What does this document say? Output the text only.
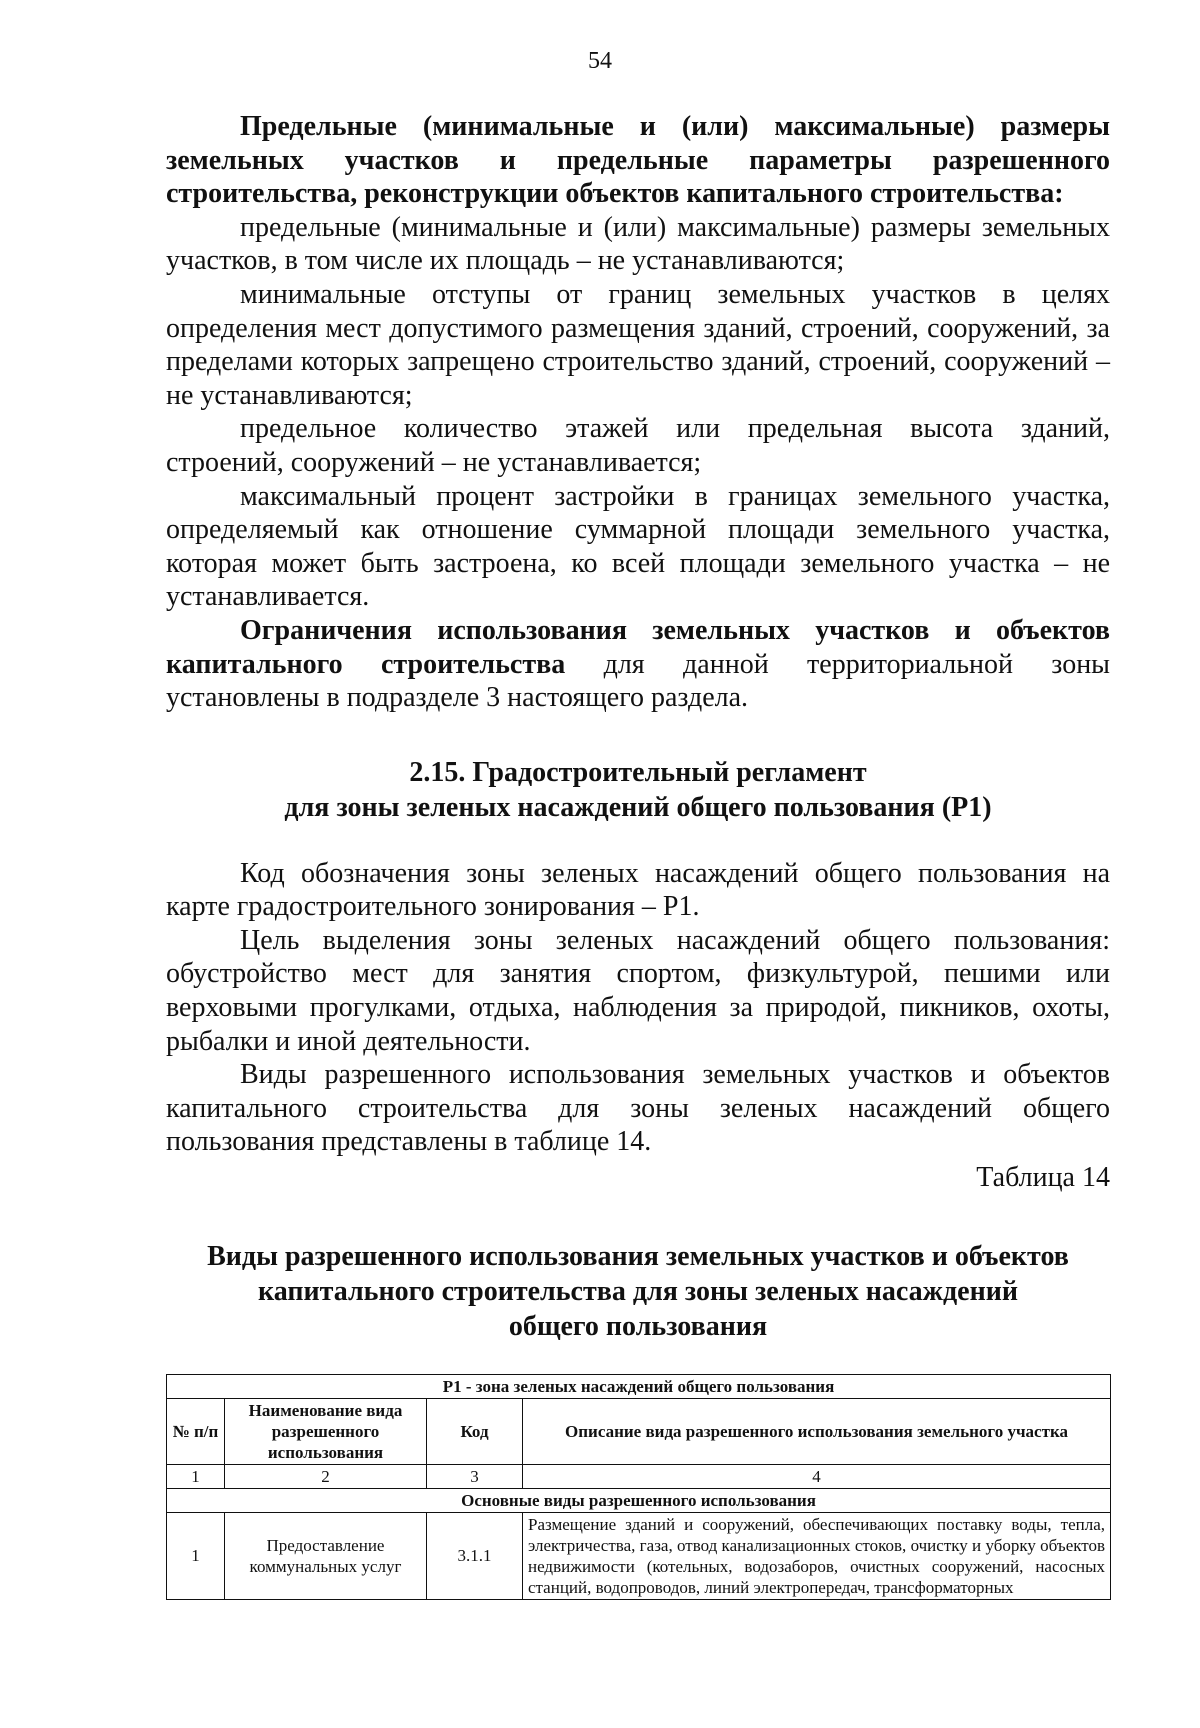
54

Предельные (минимальные и (или) максимальные) размеры земельных участков и предельные параметры разрешенного строительства, реконструкции объектов капитального строительства:

предельные (минимальные и (или) максимальные) размеры земельных участков, в том числе их площадь – не устанавливаются;

минимальные отступы от границ земельных участков в целях определения мест допустимого размещения зданий, строений, сооружений, за пределами которых запрещено строительство зданий, строений, сооружений – не устанавливаются;

предельное количество этажей или предельная высота зданий, строений, сооружений – не устанавливается;

максимальный процент застройки в границах земельного участка, определяемый как отношение суммарной площади земельного участка, которая может быть застроена, ко всей площади земельного участка – не устанавливается.

Ограничения использования земельных участков и объектов капитального строительства для данной территориальной зоны установлены в подразделе 3 настоящего раздела.

2.15. Градостроительный регламент
для зоны зеленых насаждений общего пользования (Р1)

Код обозначения зоны зеленых насаждений общего пользования на карте градостроительного зонирования – Р1.

Цель выделения зоны зеленых насаждений общего пользования: обустройство мест для занятия спортом, физкультурой, пешими или верховыми прогулками, отдыха, наблюдения за природой, пикников, охоты, рыбалки и иной деятельности.

Виды разрешенного использования земельных участков и объектов капитального строительства для зоны зеленых насаждений общего пользования представлены в таблице 14.

Таблица 14
Виды разрешенного использования земельных участков и объектов
капитального строительства для зоны зеленых насаждений
общего пользования
Р1 - зона зеленых насаждений общего пользования			
№ п/п	Наименование вида разрешенного использования	Код	Описание вида разрешенного использования земельного участка
1	2	3	4
Основные виды разрешенного использования			
1	Предоставление коммунальных услуг	3.1.1	Размещение зданий и сооружений, обеспечивающих поставку воды, тепла, электричества, газа, отвод канализационных стоков, очистку и уборку объектов недвижимости (котельных, водозаборов, очистных сооружений, насосных станций, водопроводов, линий электропередач, трансформаторных
